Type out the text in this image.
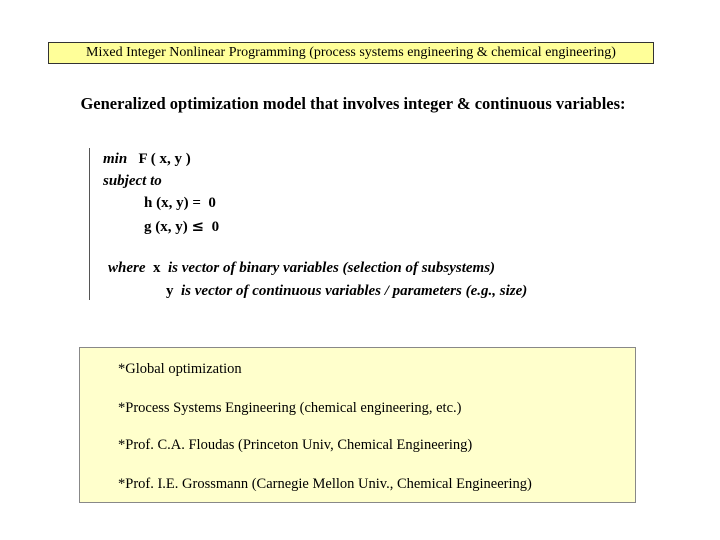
Mixed Integer Nonlinear Programming (process systems engineering & chemical engineering)
Generalized optimization model that involves integer & continuous variables:
min F ( x, y )
subject to
h (x, y) = 0
g (x, y) ≤ 0
where x is vector of binary variables (selection of subsystems)
y is vector of continuous variables / parameters (e.g., size)
*Global optimization
*Process Systems Engineering (chemical engineering, etc.)
*Prof. C.A. Floudas (Princeton Univ, Chemical Engineering)
*Prof. I.E. Grossmann (Carnegie Mellon Univ., Chemical Engineering)
